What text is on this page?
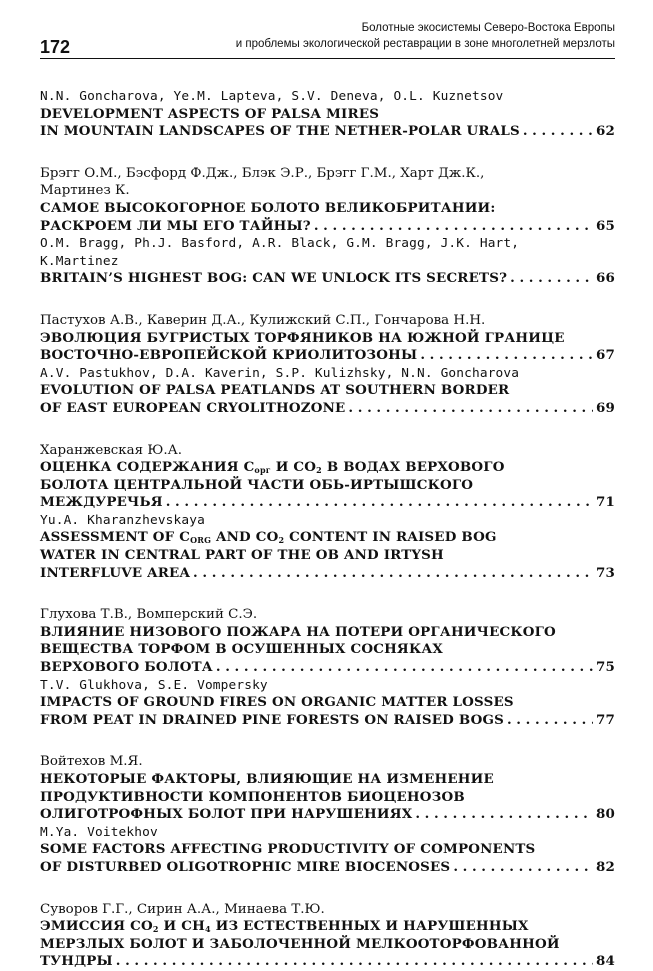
172
Болотные экосистемы Северо-Востока Европы
и проблемы экологической реставрации в зоне многолетней мерзлоты
N.N. Goncharova, Ye.M. Lapteva, S.V. Deneva, O.L. Kuznetsov
DEVELOPMENT ASPECTS OF PALSA MIRES
IN MOUNTAIN LANDSCAPES OF THE NETHER-POLAR URALS . . .	62
Брэгг О.М., Бэсфорд Ф.Дж., Блэк Э.Р., Брэгг Г.М., Харт Дж.К.,
Мартинез К.
САМОЕ ВЫСОКОГОРНОЕ БОЛОТО ВЕЛИКОБРИТАНИИ:
РАСКРОЕМ ЛИ МЫ ЕГО ТАЙНЫ? . . .	65
O.M. Bragg, Ph.J. Basford, A.R. Black, G.M. Bragg, J.K. Hart,
K.Martinez
BRITAIN’S HIGHEST BOG: CAN WE UNLOCK ITS SECRETS? . . .	66
Пастухов А.В., Каверин Д.А., Кулижский С.П., Гончарова Н.Н.
ЭВОЛЮЦИЯ БУГРИСТЫХ ТОРФЯНИКОВ НА ЮЖНОЙ ГРАНИЦЕ
ВОСТОЧНО-ЕВРОПЕЙСКОЙ КРИОЛИТОЗОНЫ . . .	67
A.V. Pastukhov, D.A. Kaverin, S.P. Kulizhsky, N.N. Goncharova
EVOLUTION OF PALSA PEATLANDS AT SOUTHERN BORDER
OF EAST EUROPEAN CRYOLITHOZONE . . .	69
Харанжевская Ю.А.
ОЦЕНКА СОДЕРЖАНИЯ $C_{орг}$ И $CO_2$ В ВОДАХ ВЕРХОВОГО
БОЛОТА ЦЕНТРАЛЬНОЙ ЧАСТИ ОБЬ-ИРТЫШСКОГО
МЕЖДУРЕЧЬЯ . . .	71
Yu.A. Kharanzhevskaya
ASSESSMENT OF $C_{ORG}$ AND $CO_2$ CONTENT IN RAISED BOG
WATER IN CENTRAL PART OF THE OB AND IRTYSH
INTERFLUVE AREA . . .	73
Глухова Т.В., Вомперский С.Э.
ВЛИЯНИЕ НИЗОВОГО ПОЖАРА НА ПОТЕРИ ОРГАНИЧЕСКОГО
ВЕЩЕСТВА ТОРФОМ В ОСУШЕННЫХ СОСНЯКАХ
ВЕРХОВОГО БОЛОТА . . .	75
T.V. Glukhova, S.E. Vompersky
IMPACTS OF GROUND FIRES ON ORGANIC MATTER LOSSES
FROM PEAT IN DRAINED PINE FORESTS ON RAISED BOGS . . .	77
Войтехов М.Я.
НЕКОТОРЫЕ ФАКТОРЫ, ВЛИЯЮЩИЕ НА ИЗМЕНЕНИЕ
ПРОДУКТИВНОСТИ КОМПОНЕНТОВ БИОЦЕНОЗОВ
ОЛИГОТРОФНЫХ БОЛОТ ПРИ НАРУШЕНИЯХ . . .	80
M.Ya. Voitekhov
SOME FACTORS AFFECTING PRODUCTIVITY OF COMPONENTS
OF DISTURBED OLIGOTROPHIC MIRE BIOCENOSES . . .	82
Суворов Г.Г., Сирин А.А., Минаева Т.Ю.
ЭМИССИЯ $CO_2$ И $CH_4$ ИЗ ЕСТЕСТВЕННЫХ И НАРУШЕННЫХ
МЕРЗЛЫХ БОЛОТ И ЗАБОЛОЧЕННОЙ МЕЛКООТОРФОВАННОЙ
ТУНДРЫ . . .	84
